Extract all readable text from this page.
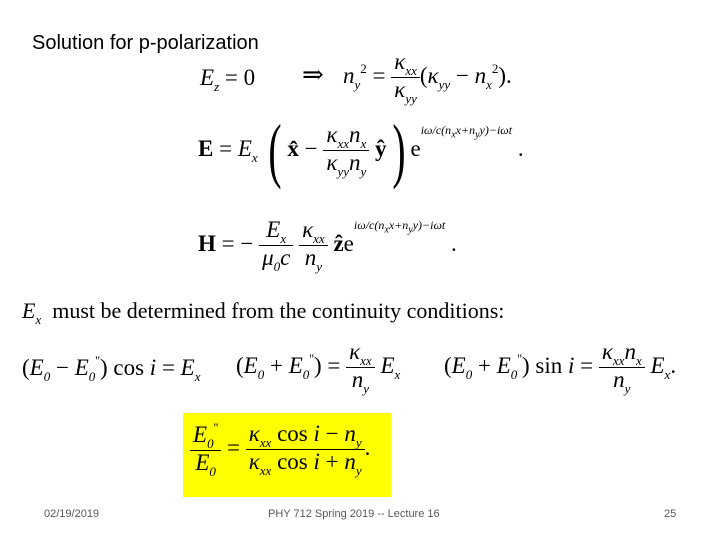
Solution for p-polarization
$E_z = 0$ ⇒ $n_y^2 = \frac{\kappa_{xx}}{\kappa_{yy}} (\kappa_{yy} - n_x^2)$.
$E = E_x$ ( x̂ − $\frac{\kappa_{xx}n_x}{\kappa_{yy}n_y}$ ŷ) $e^{i\omega/c(n_xx+n_yy)-i\omega t}$ .
H = − $\frac{E_x}{\mu_0c}$
$\frac{\kappa_{xx}}{n_y}$ $ẑe^{i\omega/c(n_xx+n_yy)-i\omega t}$ .
$E_x$ must be determined from the continuity conditions:
$(E_0 - E_0'')$ $\cos i = E_x$ $(E_0 + E_0'') = \frac{\kappa_{xx}}{n_y} E_x$ $(E_0 + E_0'')$ $\sin i = \frac{\kappa_{xx}n_x}{n_y} E_x$.
$\frac{E_0''}{E_0} = \frac{\kappa_{xx} \cos i - n_y}{\kappa_{xx} \cos i + n_y}$ .
02/19/2019	PHY 712 Spring 2019 -- Lecture 16	25
